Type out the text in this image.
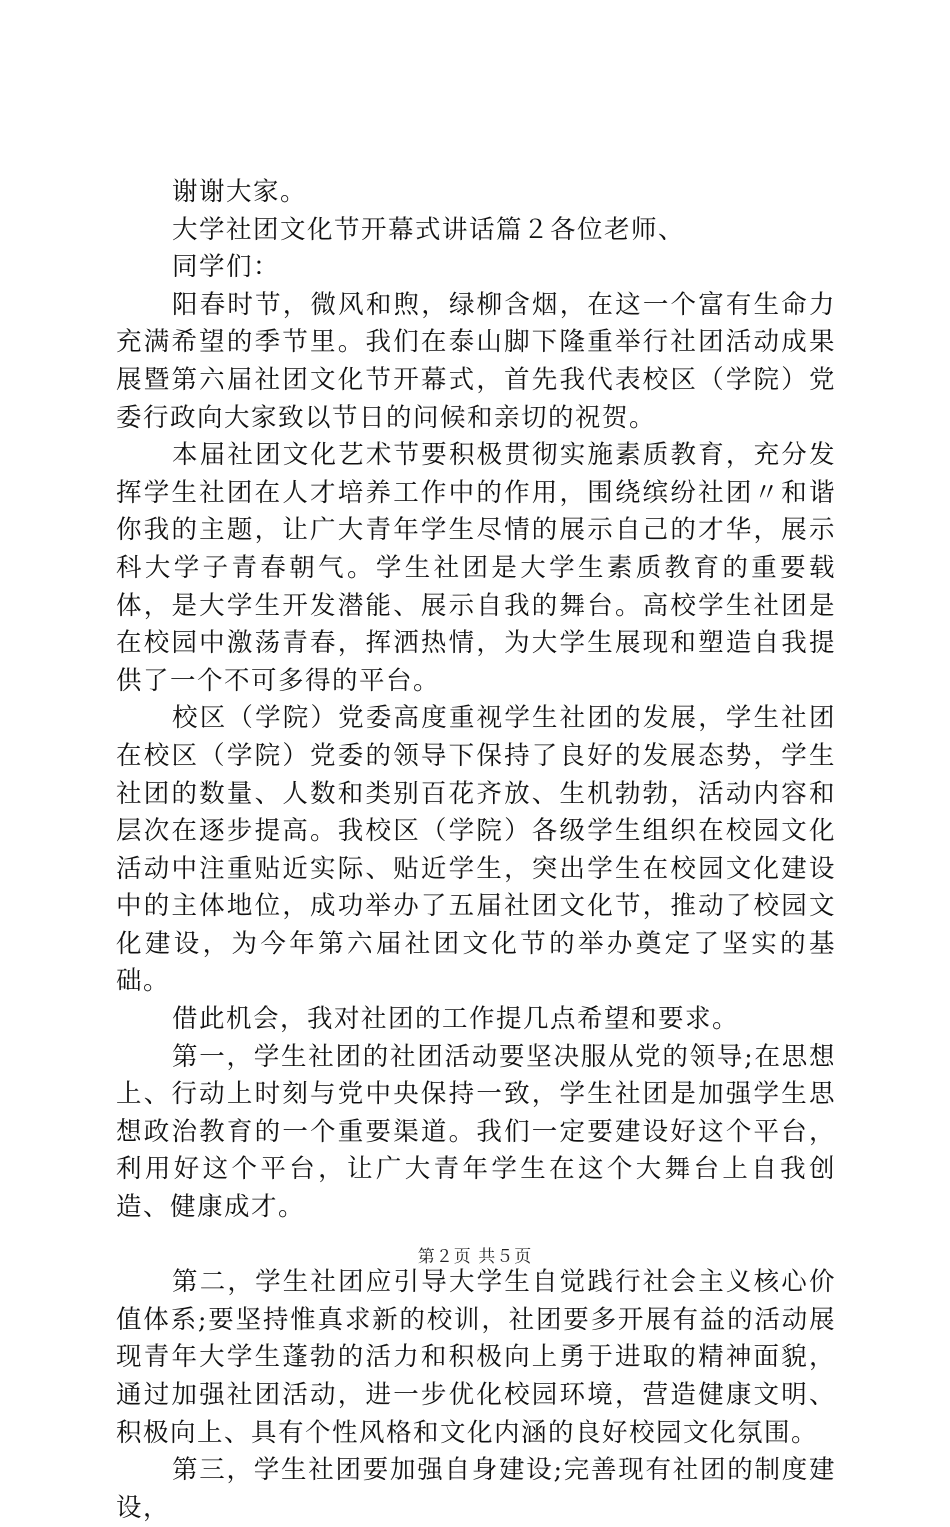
谢谢大家。

大学社团文化节开幕式讲话篇２各位老师、

同学们：

阳春时节，微风和煦，绿柳含烟，在这一个富有生命力充满希望的季节里。我们在泰山脚下隆重举行社团活动成果展暨第六届社团文化节开幕式，首先我代表校区（学院）党委行政向大家致以节日的问候和亲切的祝贺。

本届社团文化艺术节要积极贯彻实施素质教育，充分发挥学生社团在人才培养工作中的作用，围绕缤纷社团〃和谐你我的主题，让广大青年学生尽情的展示自己的才华，展示科大学子青春朝气。学生社团是大学生素质教育的重要载体，是大学生开发潜能、展示自我的舞台。高校学生社团是在校园中激荡青春，挥洒热情，为大学生展现和塑造自我提供了一个不可多得的平台。

校区（学院）党委高度重视学生社团的发展，学生社团在校区（学院）党委的领导下保持了良好的发展态势，学生社团的数量、人数和类别百花齐放、生机勃勃，活动内容和层次在逐步提高。我校区（学院）各级学生组织在校园文化活动中注重贴近实际、贴近学生，突出学生在校园文化建设中的主体地位，成功举办了五届社团文化节，推动了校园文化建设，为今年第六届社团文化节的举办奠定了坚实的基础。

借此机会，我对社团的工作提几点希望和要求。

第一，学生社团的社团活动要坚决服从党的领导;在思想上、行动上时刻与党中央保持一致，学生社团是加强学生思想政治教育的一个重要渠道。我们一定要建设好这个平台，利用好这个平台，让广大青年学生在这个大舞台上自我创造、健康成才。

第二，学生社团应引导大学生自觉践行社会主义核心价值体系;要坚持惟真求新的校训，社团要多开展有益的活动展现青年大学生蓬勃的活力和积极向上勇于进取的精神面貌，通过加强社团活动，进一步优化校园环境，营造健康文明、积极向上、具有个性风格和文化内涵的良好校园文化氛围。

第三，学生社团要加强自身建设;完善现有社团的制度建设，

第２页 共５页
